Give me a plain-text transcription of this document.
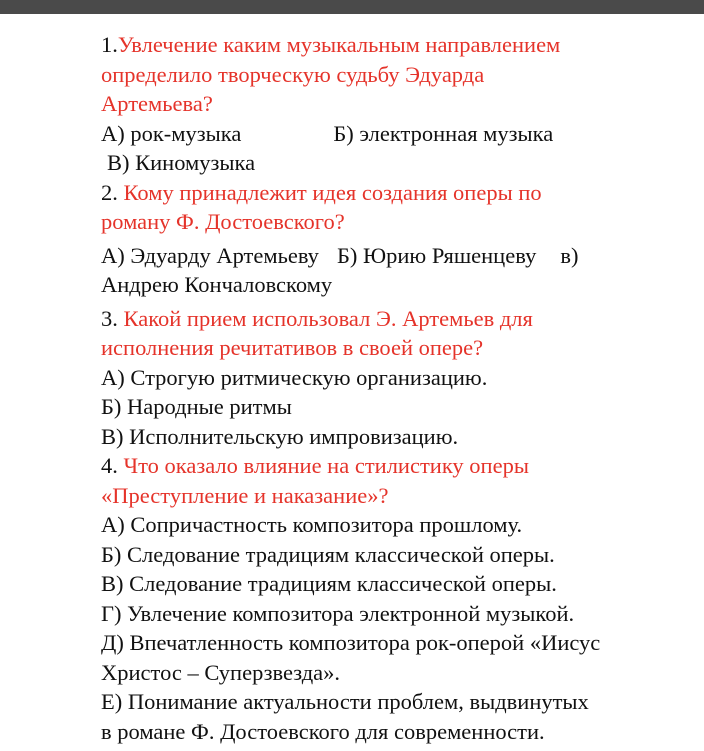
1.Увлечение каким музыкальным направлением
определило творческую судьбу Эдуарда
Артемьева?
А) рок-музыка	Б) электронная музыка
В) Киномузыка
2. Кому принадлежит идея создания оперы по
роману Ф. Достоевского?
А) Эдуарду Артемьеву Б) Юрию Ряшенцеву в)
Андрею Кончаловскому
3. Какой прием использовал Э. Артемьев для
исполнения речитативов в своей опере?
А) Строгую ритмическую организацию.
Б) Народные ритмы
В) Исполнительскую импровизацию.
4. Что оказало влияние на стилистику оперы
«Преступление и наказание»?
А) Сопричастность композитора прошлому.
Б) Следование традициям классической оперы.
В) Следование традициям классической оперы.
Г) Увлечение композитора электронной музыкой.
Д) Впечатленность композитора рок-оперой «Иисус
Христос – Суперзвезда».
Е) Понимание актуальности проблем, выдвинутых
в романе Ф. Достоевского для современности.
